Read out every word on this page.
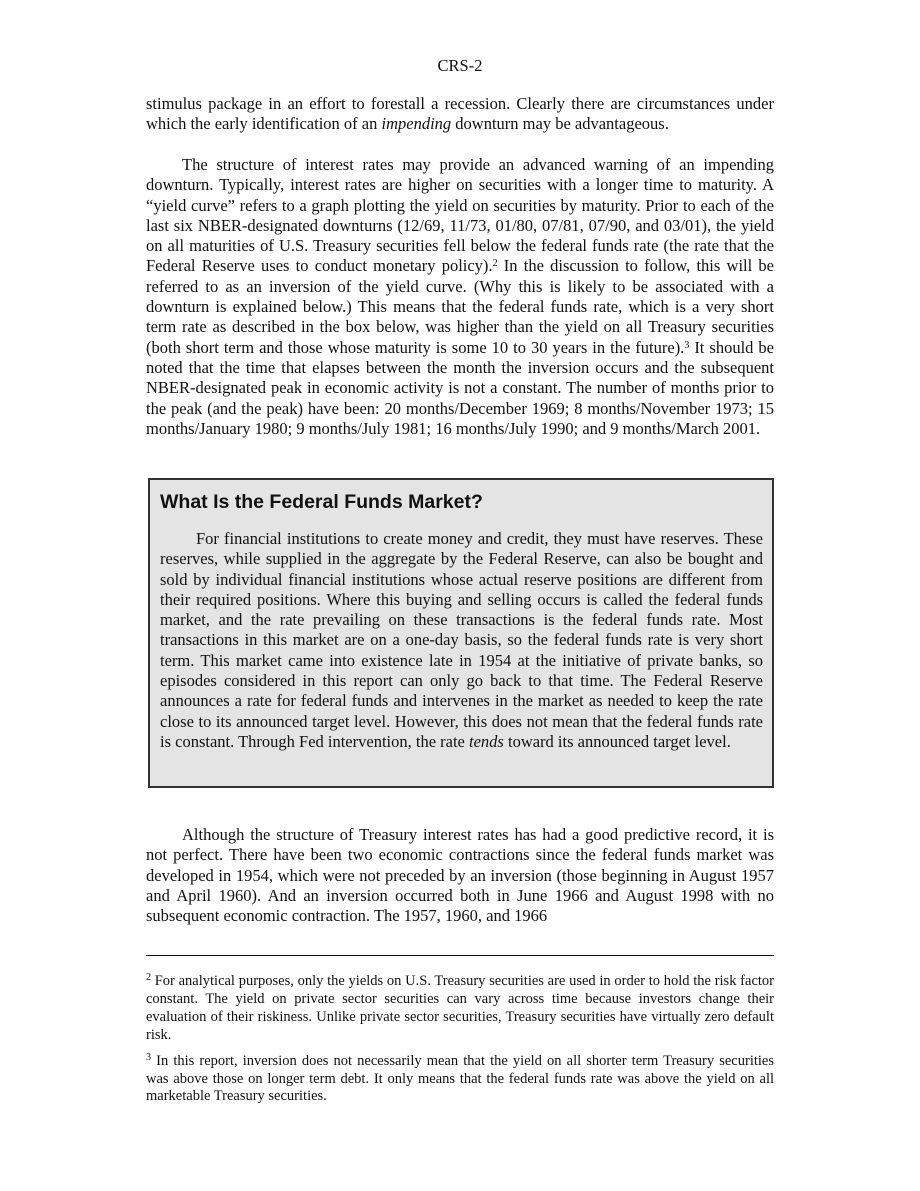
CRS-2

stimulus package in an effort to forestall a recession. Clearly there are circumstances under which the early identification of an impending downturn may be advantageous.

The structure of interest rates may provide an advanced warning of an impending downturn. Typically, interest rates are higher on securities with a longer time to maturity. A “yield curve” refers to a graph plotting the yield on securities by maturity. Prior to each of the last six NBER-designated downturns (12/69, 11/73, 01/80, 07/81, 07/90, and 03/01), the yield on all maturities of U.S. Treasury securities fell below the federal funds rate (the rate that the Federal Reserve uses to conduct monetary policy).$^2$ In the discussion to follow, this will be referred to as an inversion of the yield curve. (Why this is likely to be associated with a downturn is explained below.) This means that the federal funds rate, which is a very short term rate as described in the box below, was higher than the yield on all Treasury securities (both short term and those whose maturity is some 10 to 30 years in the future).$^3$ It should be noted that the time that elapses between the month the inversion occurs and the subsequent NBER-designated peak in economic activity is not a constant. The number of months prior to the peak (and the peak) have been: 20 months/December 1969; 8 months/November 1973; 15 months/January 1980; 9 months/July 1981; 16 months/July 1990; and 9 months/March 2001.

What Is the Federal Funds Market?

For financial institutions to create money and credit, they must have reserves. These reserves, while supplied in the aggregate by the Federal Reserve, can also be bought and sold by individual financial institutions whose actual reserve positions are different from their required positions. Where this buying and selling occurs is called the federal funds market, and the rate prevailing on these transactions is the federal funds rate. Most transactions in this market are on a one-day basis, so the federal funds rate is very short term. This market came into existence late in 1954 at the initiative of private banks, so episodes considered in this report can only go back to that time. The Federal Reserve announces a rate for federal funds and intervenes in the market as needed to keep the rate close to its announced target level. However, this does not mean that the federal funds rate is constant. Through Fed intervention, the rate tends toward its announced target level.

Although the structure of Treasury interest rates has had a good predictive record, it is not perfect. There have been two economic contractions since the federal funds market was developed in 1954, which were not preceded by an inversion (those beginning in August 1957 and April 1960). And an inversion occurred both in June 1966 and August 1998 with no subsequent economic contraction. The 1957, 1960, and 1966

$^2$ For analytical purposes, only the yields on U.S. Treasury securities are used in order to hold the risk factor constant. The yield on private sector securities can vary across time because investors change their evaluation of their riskiness. Unlike private sector securities, Treasury securities have virtually zero default risk.

$^3$ In this report, inversion does not necessarily mean that the yield on all shorter term Treasury securities was above those on longer term debt. It only means that the federal funds rate was above the yield on all marketable Treasury securities.
